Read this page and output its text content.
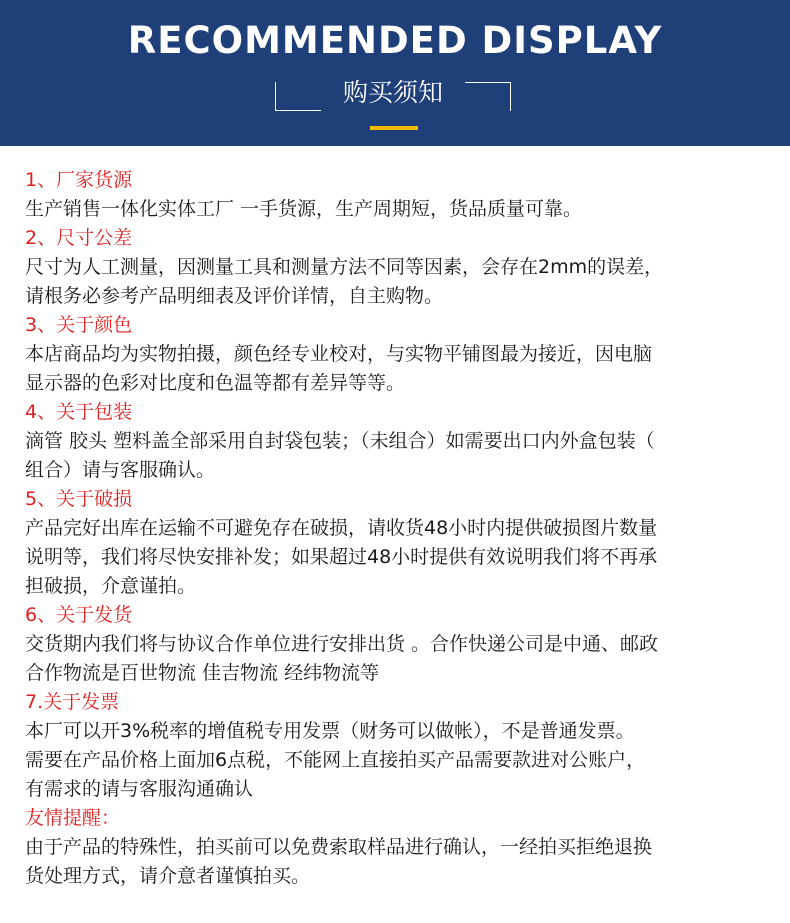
RECOMMENDED DISPLAY
购买须知
1、厂家货源
生产销售一体化实体工厂 一手货源，生产周期短，货品质量可靠。
2、尺寸公差
尺寸为人工测量，因测量工具和测量方法不同等因素，会存在2mm的误差，
请根务必参考产品明细表及评价详情，自主购物。
3、关于颜色
本店商品均为实物拍摄，颜色经专业校对，与实物平铺图最为接近，因电脑
显示器的色彩对比度和色温等都有差异等等。
4、关于包装
滴管 胶头 塑料盖全部采用自封袋包装；（未组合）如需要出口内外盒包装（
组合）请与客服确认。
5、关于破损
产品完好出库在运输不可避免存在破损，请收货48小时内提供破损图片数量
说明等，我们将尽快安排补发；如果超过48小时提供有效说明我们将不再承
担破损，介意谨拍。
6、关于发货
交货期内我们将与协议合作单位进行安排出货 。合作快递公司是中通、邮政
合作物流是百世物流 佳吉物流 经纬物流等
7.关于发票
本厂可以开3%税率的增值税专用发票（财务可以做帐），不是普通发票。
需要在产品价格上面加6点税，不能网上直接拍买产品需要款进对公账户，
有需求的请与客服沟通确认
友情提醒：
由于产品的特殊性，拍买前可以免费索取样品进行确认，一经拍买拒绝退换
货处理方式，请介意者谨慎拍买。
